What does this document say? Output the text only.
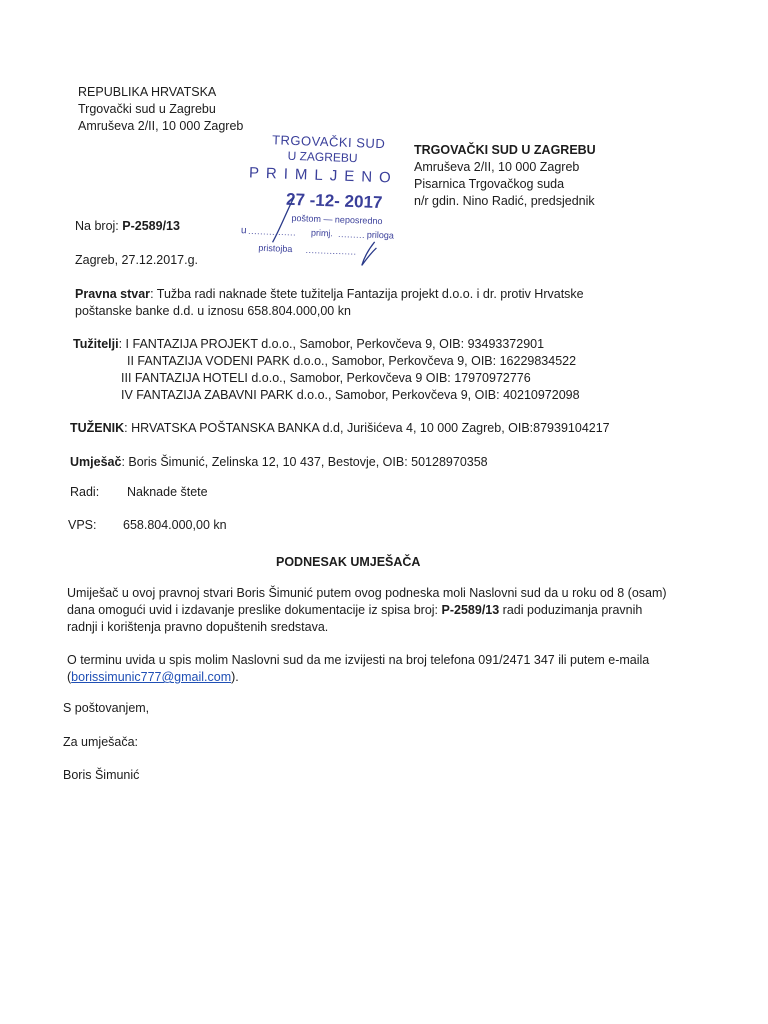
REPUBLIKA HRVATSKA
Trgovački sud u Zagrebu
Amruševa 2/II, 10 000 Zagreb
TRGOVAČKI SUD
U ZAGREBU
PRIMLJENO
27 -12- 2017
poštom — neposredno
u	primj.	priloga
pristojba
TRGOVAČKI SUD U ZAGREBU
Amruševa 2/II, 10 000 Zagreb
Pisarnica Trgovačkog suda
n/r gdin. Nino Radić, predsjednik
Na broj: P-2589/13
Zagreb, 27.12.2017.g.
Pravna stvar: Tužba radi naknade štete tužitelja Fantazija projekt d.o.o. i dr. protiv Hrvatske
poštanske banke d.d. u iznosu 658.804.000,00 kn
Tužitelji: I FANTAZIJA PROJEKT d.o.o., Samobor, Perkovčeva 9, OIB: 93493372901
II FANTAZIJA VODENI PARK d.o.o., Samobor, Perkovčeva 9, OIB: 16229834522
III FANTAZIJA HOTELI d.o.o., Samobor, Perkovčeva 9 OIB: 17970972776
IV FANTAZIJA ZABAVNI PARK d.o.o., Samobor, Perkovčeva 9, OIB: 40210972098
TUŽENIK: HRVATSKA POŠTANSKA BANKA d.d, Jurišićeva 4, 10 000 Zagreb, OIB:87939104217
Umješač: Boris Šimunić, Zelinska 12, 10 437, Bestovje, OIB: 50128970358
Radi: Naknade štete
VPS: 658.804.000,00 kn
PODNESAK UMJEŠAČA
Umiješač u ovoj pravnoj stvari Boris Šimunić putem ovog podneska moli Naslovni sud da u roku od 8 (osam) dana omogući uvid i izdavanje preslike dokumentacije iz spisa broj: P-2589/13 radi poduzimanja pravnih radnji i korištenja pravno dopuštenih sredstava.
O terminu uvida u spis molim Naslovni sud da me izvijesti na broj telefona 091/2471 347 ili putem e-maila (borissimunic777@gmail.com).
S poštovanjem,
Za umješača:
Boris Šimunić
